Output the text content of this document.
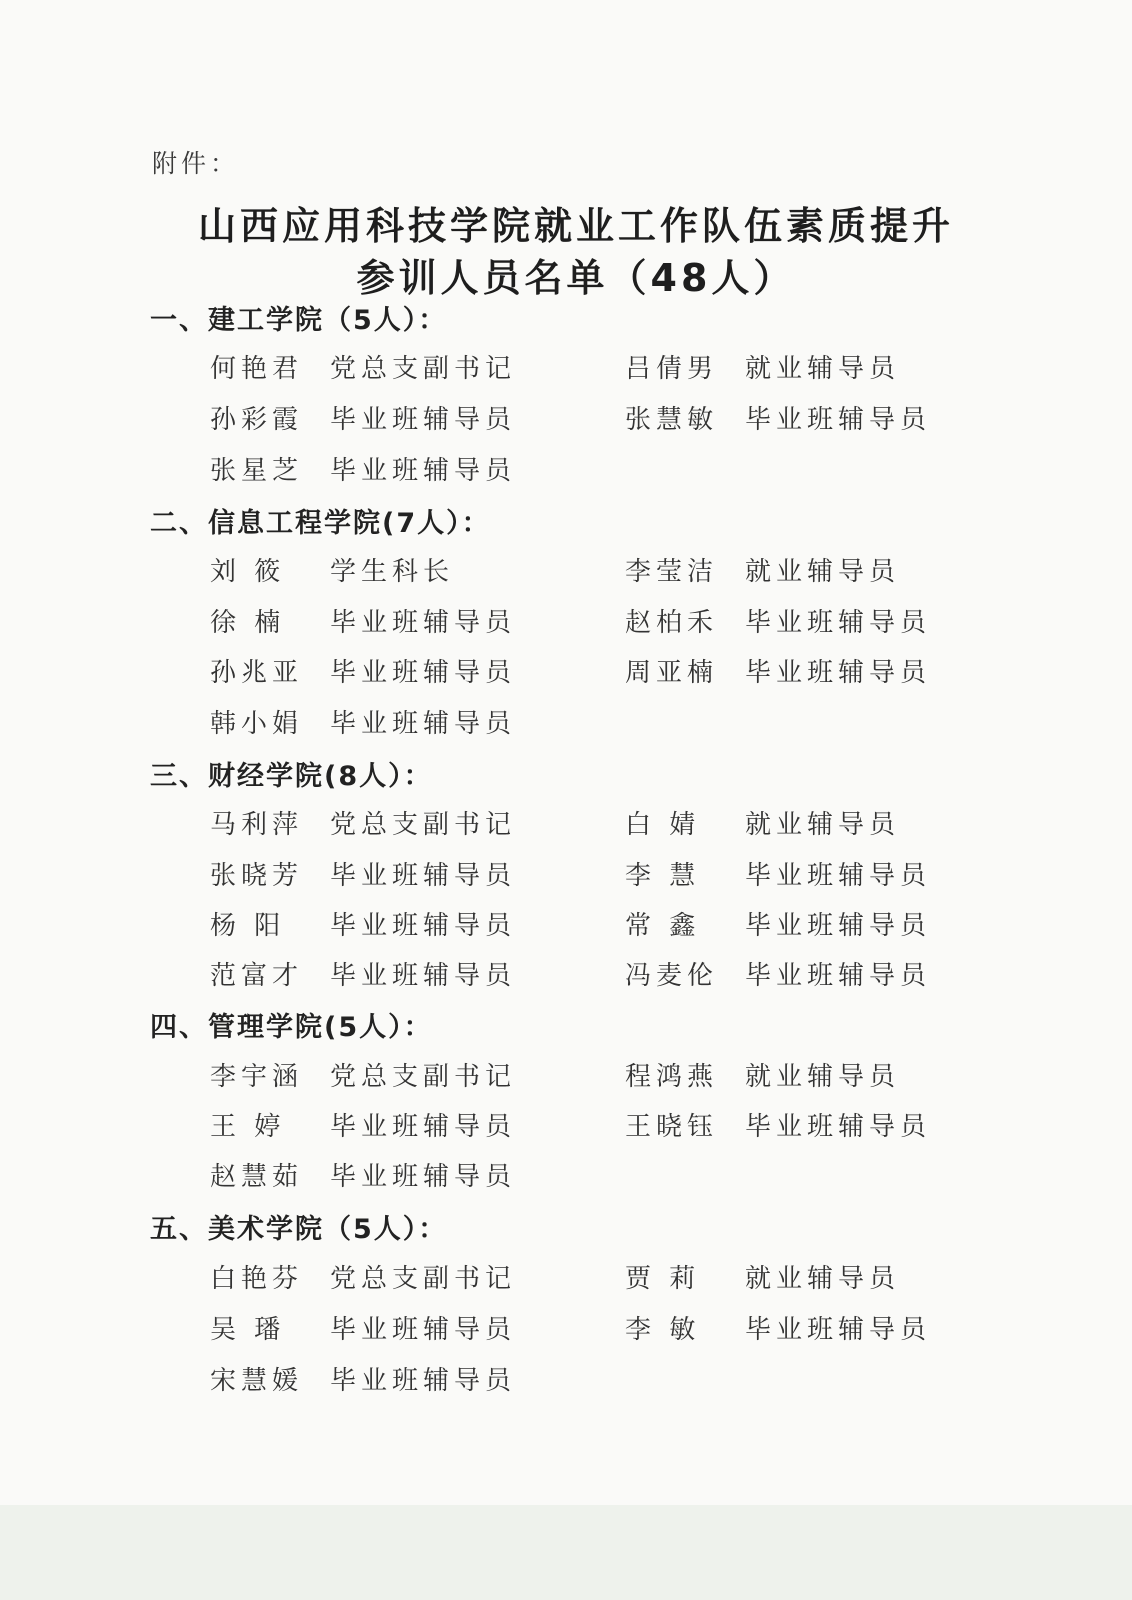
附件：
山西应用科技学院就业工作队伍素质提升
参训人员名单（48人）
一、建工学院（5人）：
何艳君 党总支副书记	吕倩男 就业辅导员
孙彩霞 毕业班辅导员	张慧敏 毕业班辅导员
张星芝 毕业班辅导员
二、信息工程学院(7人）：
刘 筱 学生科长	李莹洁 就业辅导员
徐 楠 毕业班辅导员	赵柏禾 毕业班辅导员
孙兆亚 毕业班辅导员	周亚楠 毕业班辅导员
韩小娟 毕业班辅导员
三、财经学院(8人）：
马利萍 党总支副书记	白 婧 就业辅导员
张晓芳 毕业班辅导员	李 慧 毕业班辅导员
杨 阳 毕业班辅导员	常 鑫 毕业班辅导员
范富才 毕业班辅导员	冯麦伦 毕业班辅导员
四、管理学院(5人）：
李宇涵 党总支副书记	程鸿燕 就业辅导员
王 婷 毕业班辅导员	王晓钰 毕业班辅导员
赵慧茹 毕业班辅导员
五、美术学院（5人）：
白艳芬 党总支副书记	贾 莉 就业辅导员
吴 璠 毕业班辅导员	李 敏 毕业班辅导员
宋慧媛 毕业班辅导员
